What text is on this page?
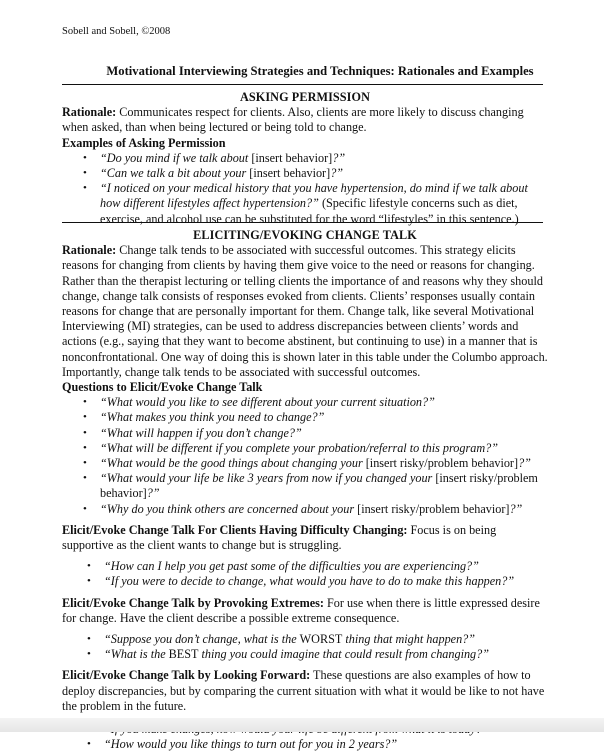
Sobell and Sobell, ©2008
Motivational Interviewing Strategies and Techniques: Rationales and Examples
ASKING PERMISSION
Rationale: Communicates respect for clients. Also, clients are more likely to discuss changing when asked, than when being lectured or being told to change.
Examples of Asking Permission
• “Do you mind if we talk about [insert behavior]?”
• “Can we talk a bit about your [insert behavior]?”
• “I noticed on your medical history that you have hypertension, do mind if we talk about how different lifestyles affect hypertension?” (Specific lifestyle concerns such as diet, exercise, and alcohol use can be substituted for the word “lifestyles” in this sentence.)
ELICITING/EVOKING CHANGE TALK
Rationale: Change talk tends to be associated with successful outcomes. This strategy elicits reasons for changing from clients by having them give voice to the need or reasons for changing. Rather than the therapist lecturing or telling clients the importance of and reasons why they should change, change talk consists of responses evoked from clients. Clients’ responses usually contain reasons for change that are personally important for them. Change talk, like several Motivational Interviewing (MI) strategies, can be used to address discrepancies between clients’ words and actions (e.g., saying that they want to become abstinent, but continuing to use) in a manner that is nonconfrontational. One way of doing this is shown later in this table under the Columbo approach. Importantly, change talk tends to be associated with successful outcomes.
Questions to Elicit/Evoke Change Talk
• “What would you like to see different about your current situation?”
• “What makes you think you need to change?”
• “What will happen if you don’t change?”
• “What will be different if you complete your probation/referral to this program?”
• “What would be the good things about changing your [insert risky/problem behavior]?”
• “What would your life be like 3 years from now if you changed your [insert risky/problem behavior]?”
• “Why do you think others are concerned about your [insert risky/problem behavior]?”
Elicit/Evoke Change Talk For Clients Having Difficulty Changing: Focus is on being supportive as the client wants to change but is struggling.
• “How can I help you get past some of the difficulties you are experiencing?”
• “If you were to decide to change, what would you have to do to make this happen?”
Elicit/Evoke Change Talk by Provoking Extremes: For use when there is little expressed desire for change. Have the client describe a possible extreme consequence.
• “Suppose you don’t change, what is the WORST thing that might happen?”
• “What is the BEST thing you could imagine that could result from changing?”
Elicit/Evoke Change Talk by Looking Forward: These questions are also examples of how to deploy discrepancies, but by comparing the current situation with what it would be like to not have the problem in the future.
• “How would you like things to turn out for you in 2 years?”
